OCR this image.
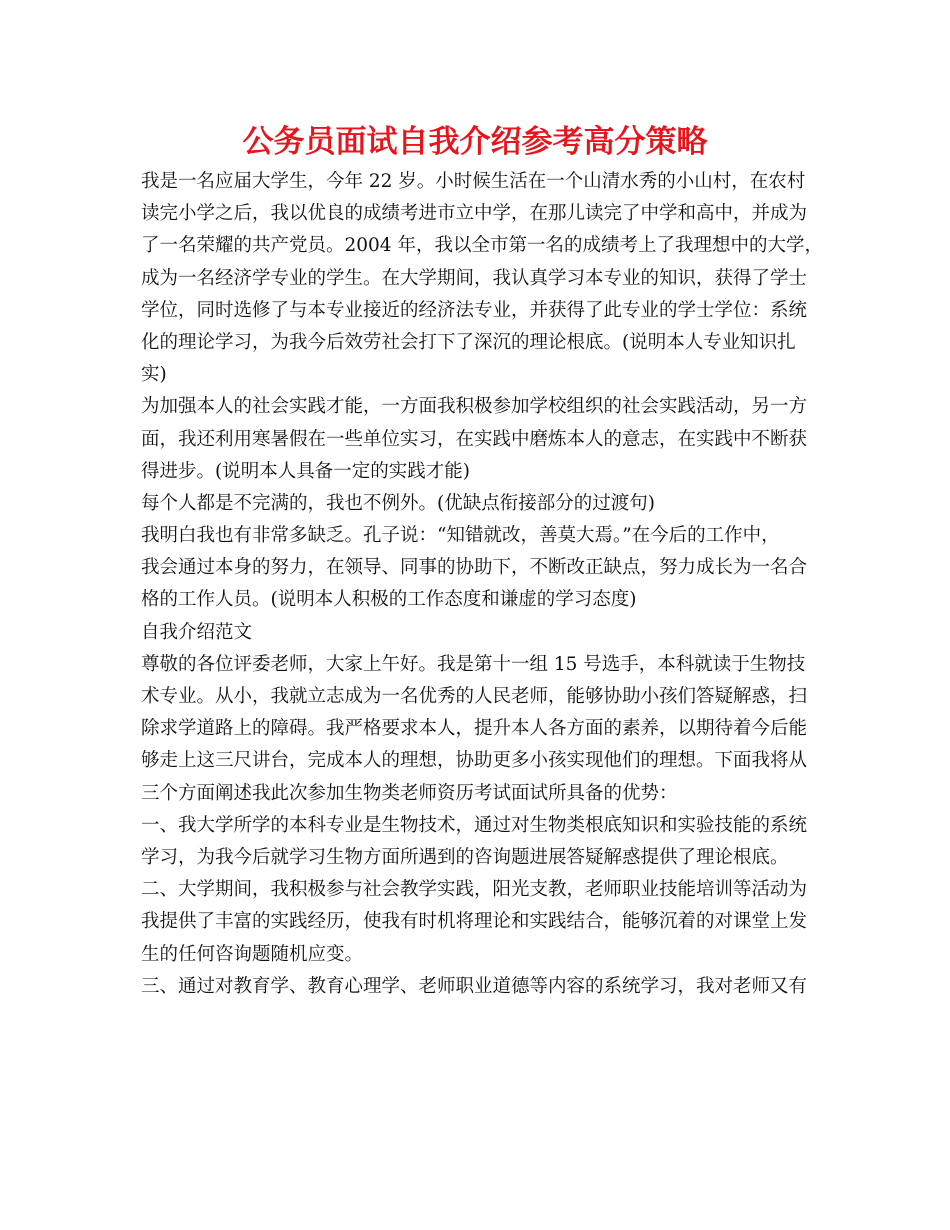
公务员面试自我介绍参考高分策略

我是一名应届大学生，今年 22 岁。小时候生活在一个山清水秀的小山村，在农村

读完小学之后，我以优良的成绩考进市立中学，在那儿读完了中学和高中，并成为

了一名荣耀的共产党员。2004 年，我以全市第一名的成绩考上了我理想中的大学，

成为一名经济学专业的学生。在大学期间，我认真学习本专业的知识，获得了学士

学位，同时选修了与本专业接近的经济法专业，并获得了此专业的学士学位：系统

化的理论学习，为我今后效劳社会打下了深沉的理论根底。(说明本人专业知识扎

实)

为加强本人的社会实践才能，一方面我积极参加学校组织的社会实践活动，另一方

面，我还利用寒暑假在一些单位实习，在实践中磨炼本人的意志，在实践中不断获

得进步。(说明本人具备一定的实践才能)

每个人都是不完满的，我也不例外。(优缺点衔接部分的过渡句)

我明白我也有非常多缺乏。孔子说：“知错就改，善莫大焉。”在今后的工作中，

我会通过本身的努力，在领导、同事的协助下，不断改正缺点，努力成长为一名合

格的工作人员。(说明本人积极的工作态度和谦虚的学习态度)

自我介绍范文

尊敬的各位评委老师，大家上午好。我是第十一组 15 号选手，本科就读于生物技

术专业。从小，我就立志成为一名优秀的人民老师，能够协助小孩们答疑解惑，扫

除求学道路上的障碍。我严格要求本人，提升本人各方面的素养，以期待着今后能

够走上这三尺讲台，完成本人的理想，协助更多小孩实现他们的理想。下面我将从

三个方面阐述我此次参加生物类老师资历考试面试所具备的优势：

一、我大学所学的本科专业是生物技术，通过对生物类根底知识和实验技能的系统

学习，为我今后就学习生物方面所遇到的咨询题进展答疑解惑提供了理论根底。

二、大学期间，我积极参与社会教学实践，阳光支教，老师职业技能培训等活动为

我提供了丰富的实践经历，使我有时机将理论和实践结合，能够沉着的对课堂上发

生的任何咨询题随机应变。

三、通过对教育学、教育心理学、老师职业道德等内容的系统学习，我对老师又有
